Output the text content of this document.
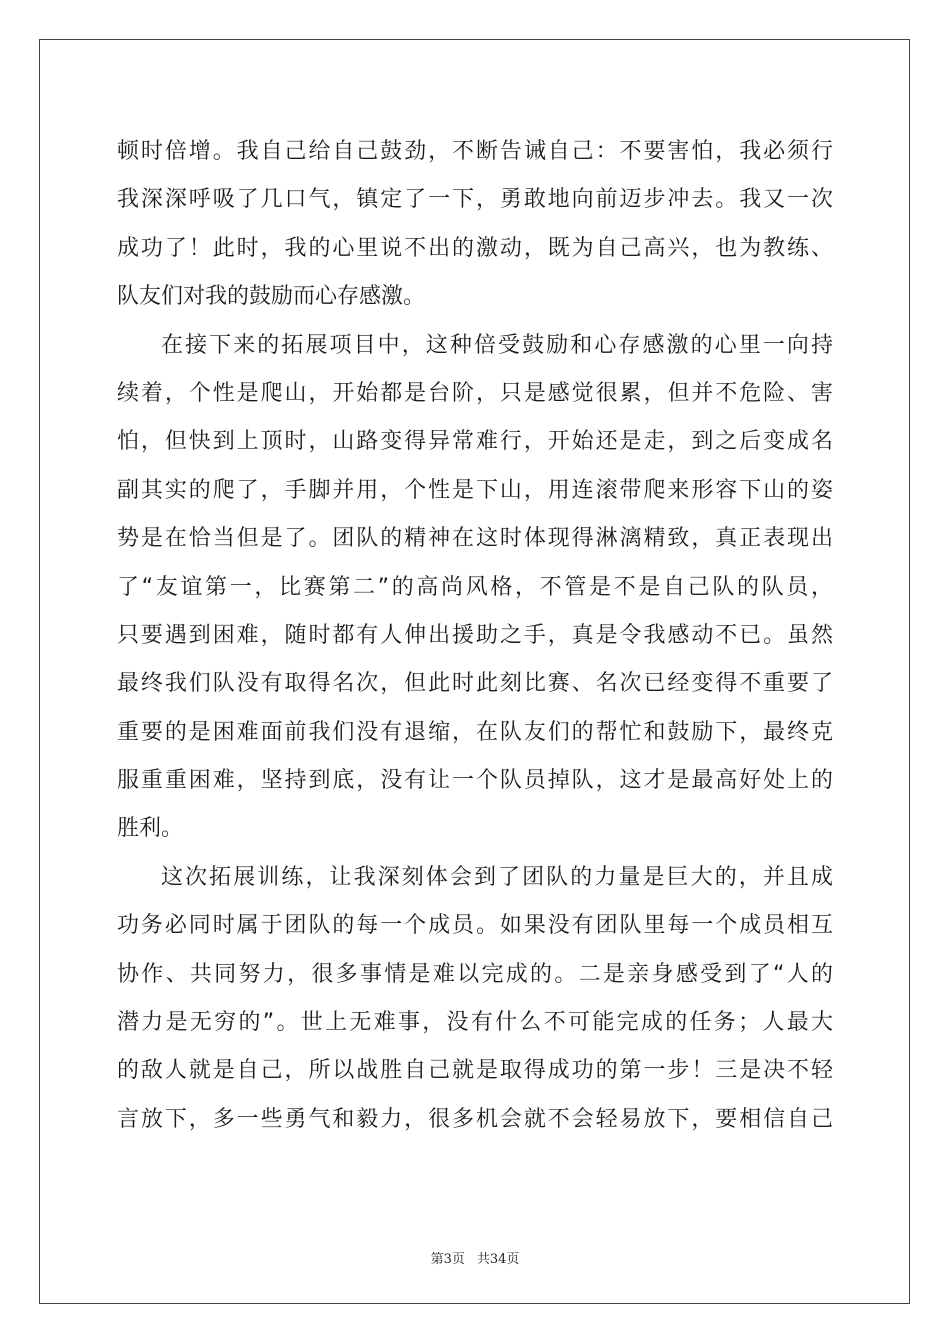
顿时倍增。我自己给自己鼓劲，不断告诫自己：不要害怕，我必须行
我深深呼吸了几口气，镇定了一下，勇敢地向前迈步冲去。我又一次
成功了！此时，我的心里说不出的激动，既为自己高兴，也为教练、
队友们对我的鼓励而心存感激。
在接下来的拓展项目中，这种倍受鼓励和心存感激的心里一向持
续着，个性是爬山，开始都是台阶，只是感觉很累，但并不危险、害
怕，但快到上顶时，山路变得异常难行，开始还是走，到之后变成名
副其实的爬了，手脚并用，个性是下山，用连滚带爬来形容下山的姿
势是在恰当但是了。团队的精神在这时体现得淋漓精致，真正表现出
了“友谊第一，比赛第二”的高尚风格，不管是不是自己队的队员，
只要遇到困难，随时都有人伸出援助之手，真是令我感动不已。虽然
最终我们队没有取得名次，但此时此刻比赛、名次已经变得不重要了
重要的是困难面前我们没有退缩，在队友们的帮忙和鼓励下，最终克
服重重困难，坚持到底，没有让一个队员掉队，这才是最高好处上的
胜利。
这次拓展训练，让我深刻体会到了团队的力量是巨大的，并且成
功务必同时属于团队的每一个成员。如果没有团队里每一个成员相互
协作、共同努力，很多事情是难以完成的。二是亲身感受到了“人的
潜力是无穷的”。世上无难事，没有什么不可能完成的任务；人最大
的敌人就是自己，所以战胜自己就是取得成功的第一步！三是决不轻
言放下，多一些勇气和毅力，很多机会就不会轻易放下，要相信自己
第3页 共34页
